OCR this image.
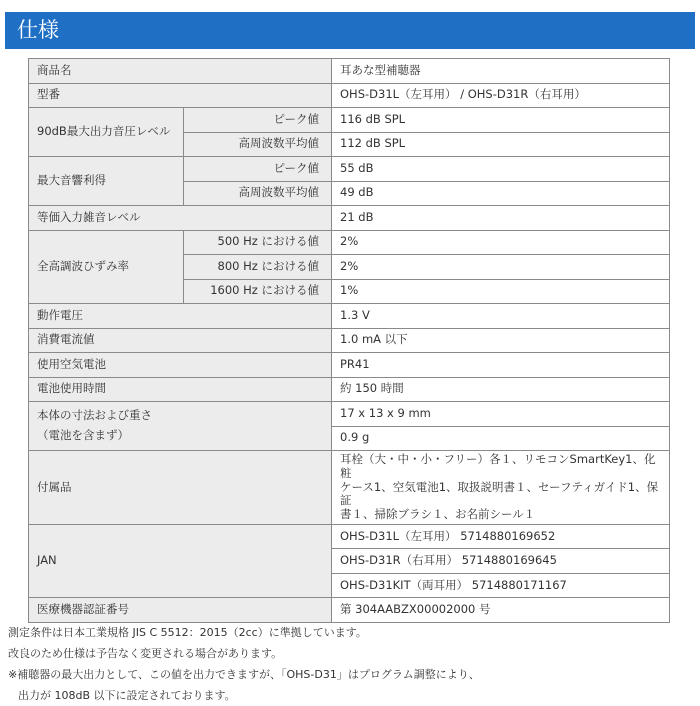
仕様
商品名		耳あな型補聴器
型番		OHS-D31L（左耳用） / OHS-D31R（右耳用）
90dB最大出力音圧レベル	ピーク値	116 dB SPL
	高周波数平均値	112 dB SPL
最大音響利得	ピーク値	55 dB
	高周波数平均値	49 dB
等価入力雑音レベル		21 dB
全高調波ひずみ率	500 Hz における値	2%
	800 Hz における値	2%
	1600 Hz における値	1%
動作電圧		1.3 V
消費電流値		1.0 mA 以下
使用空気電池		PR41
電池使用時間		約 150 時間

本体の寸法および重さ
（電池を含まず）		17 x 13 x 9 mm
		0.9 g
付属品		耳栓（大・中・小・フリー）各１、リモコンSmartKey1、化粧
ケース1、空気電池1、取扱説明書１、セーフティガイド1、保証
書１、掃除ブラシ１、お名前シール１
JAN		OHS-D31L（左耳用） 5714880169652
		OHS-D31R（右耳用） 5714880169645
		OHS-D31KIT（両耳用） 5714880171167
医療機器認証番号		第 304AABZX00002000 号
測定条件は日本工業規格 JIS C 5512：2015（2cc）に準拠しています。
改良のため仕様は予告なく変更される場合があります。
※補聴器の最大出力として、この値を出力できますが、「OHS-D31」はプログラム調整により、
出力が 108dB 以下に設定されております。
